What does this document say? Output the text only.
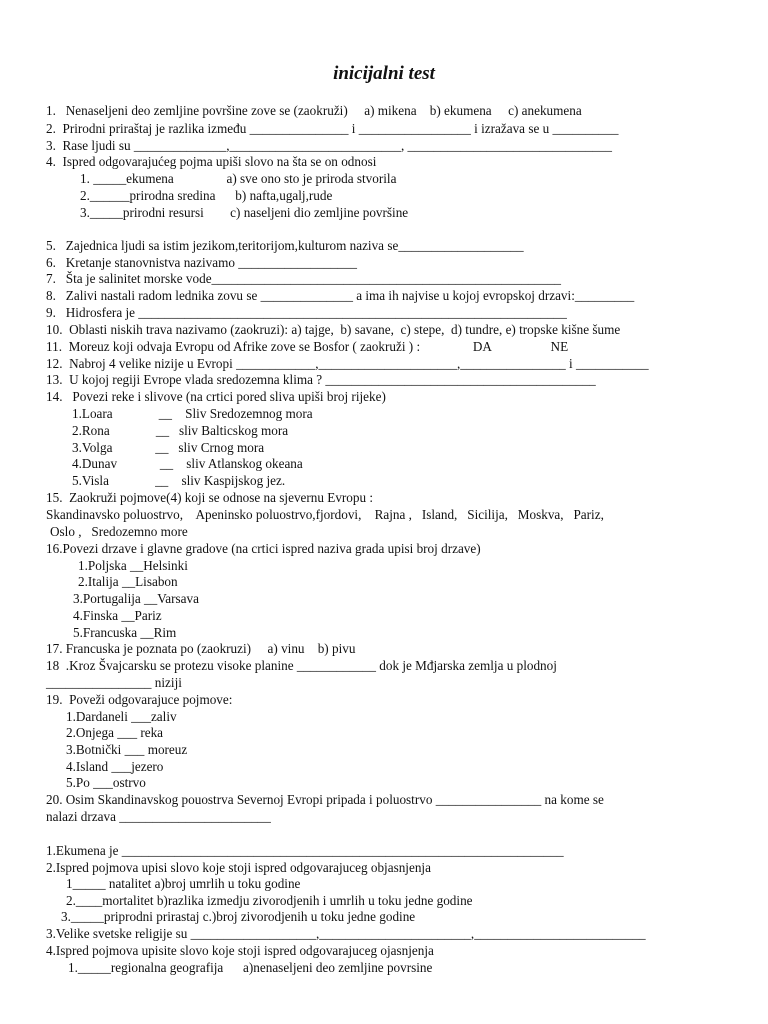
inicijalni test
1.   Nenaseljeni deo zemljine površine zove se (zaokruži)     a) mikena    b) ekumena     c) anekumena
2.  Prirodni priraštaj je razlika između _______________ i _________________ i izražava se u __________
3.  Rase ljudi su ______________,__________________________, _______________________________
4.  Ispred odgovarajućeg pojma upiši slovo na šta se on odnosi
1. _____ekumena                a) sve ono sto je priroda stvorila
2.______prirodna sredina      b) nafta,ugalj,rude
3._____prirodni resursi        c) naseljeni dio zemljine površine
5.   Zajednica ljudi sa istim jezikom,teritorijom,kulturom naziva se___________________
6.   Kretanje stanovnistva nazivamo __________________
7.   Šta je salinitet morske vode_____________________________________________________
8.   Zalivi nastali radom lednika zovu se ______________ a ima ih najvise u kojoj evropskoj drzavi:_________
9.   Hidrosfera je _________________________________________________________________
10.  Oblasti niskih trava nazivamo (zaokruzi): a) tajge,  b) savane,  c) stepe,  d) tundre, e) tropske kišne šume
11.  Moreuz koji odvaja Evropu od Afrike zove se Bosfor ( zaokruži ) :                DA                  NE
12.  Nabroj 4 velike nizije u Evropi ____________,_____________________,________________ i ___________
13.  U kojoj regiji Evrope vlada sredozemna klima ? _________________________________________
14.   Povezi reke i slivove (na crtici pored sliva upiši broj rijeke)
1.Loara              __    Sliv Sredozemnog mora
2.Rona              __   sliv Balticskog mora
3.Volga             __   sliv Crnog mora
4.Dunav             __    sliv Atlanskog okeana
5.Visla              __    sliv Kaspijskog jez.
15.  Zaokruži pojmove(4) koji se odnose na sjevernu Evropu :
Skandinavsko poluostrvo,    Apeninsko poluostrvo,fjordovi,    Rajna ,   Island,   Sicilija,   Moskva,   Pariz,
Oslo ,   Sredozemno more
16.Povezi drzave i glavne gradove (na crtici ispred naziva grada upisi broj drzave)
1.Poljska __Helsinki
2.Italija __Lisabon
3.Portugalija __Varsava
4.Finska __Pariz
5.Francuska __Rim
17. Francuska je poznata po (zaokruzi)     a) vinu    b) pivu
18  .Kroz Švajcarsku se protezu visoke planine ____________ dok je Mđjarska zemlja u plodnoj
________________ niziji
19.  Poveži odgovarajuce pojmove:
1.Dardaneli ___zaliv
2.Onjega ___ reka
3.Botnički ___ moreuz
4.Island ___jezero
5.Po ___ostrvo
20. Osim Skandinavskog pouostrva Severnoj Evropi pripada i poluostrvo ________________ na kome se
nalazi drzava _______________________
1.Ekumena je ___________________________________________________________________
2.Ispred pojmova upisi slovo koje stoji ispred odgovarajuceg objasnjenja
1_____ natalitet a)broj umrlih u toku godine
2.____mortalitet b)razlika izmedju zivorodjenih i umrlih u toku jedne godine
3._____priprodni prirastaj c.)broj zivorodjenih u toku jedne godine
3.Velike svetske religije su ___________________,_______________________,__________________________
4.Ispred pojmova upisite slovo koje stoji ispred odgovarajuceg ojasnjenja
1._____regionalna geografija      a)nenaseljeni deo zemljine povrsine
